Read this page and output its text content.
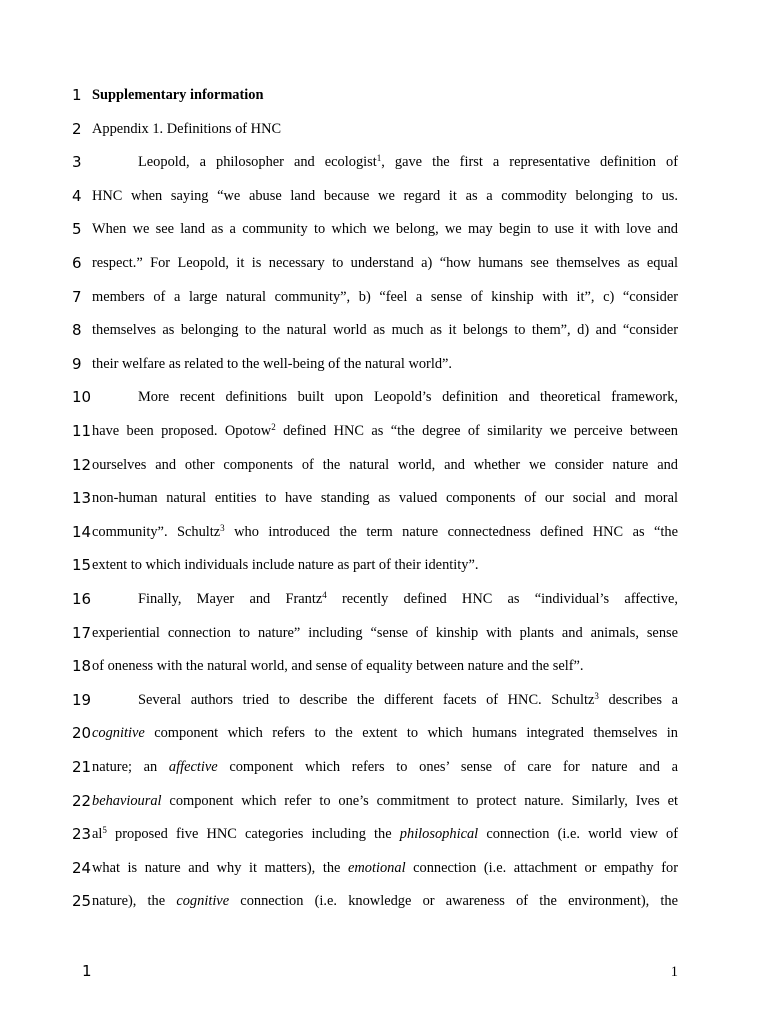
1 Supplementary information
2 Appendix 1. Definitions of HNC
3	Leopold, a philosopher and ecologist$^1$, gave the first a representative definition of
4 HNC when saying “we abuse land because we regard it as a commodity belonging to us.
5 When we see land as a community to which we belong, we may begin to use it with love and
6 respect.” For Leopold, it is necessary to understand a) “how humans see themselves as equal
7 members of a large natural community”, b) “feel a sense of kinship with it”, c) “consider
8 themselves as belonging to the natural world as much as it belongs to them”, d) and “consider
9 their welfare as related to the well-being of the natural world”.
10	More recent definitions built upon Leopold’s definition and theoretical framework,
11 have been proposed. Opotow$^2$ defined HNC as “the degree of similarity we perceive between
12 ourselves and other components of the natural world, and whether we consider nature and
13 non-human natural entities to have standing as valued components of our social and moral
14 community”. Schultz$^3$ who introduced the term nature connectedness defined HNC as “the
15 extent to which individuals include nature as part of their identity”.
16	Finally, Mayer and Frantz$^4$ recently defined HNC as “individual’s affective,
17 experiential connection to nature” including “sense of kinship with plants and animals, sense
18 of oneness with the natural world, and sense of equality between nature and the self”.
19	Several authors tried to describe the different facets of HNC. Schultz$^3$ describes a
20 cognitive component which refers to the extent to which humans integrated themselves in
21 nature; an affective component which refers to ones’ sense of care for nature and a
22 behavioural component which refer to one’s commitment to protect nature. Similarly, Ives et
23 $al^5$ proposed five HNC categories including the philosophical connection (i.e. world view of
24 what is nature and why it matters), the emotional connection (i.e. attachment or empathy for
25 nature), the cognitive connection (i.e. knowledge or awareness of the environment), the
1	1
